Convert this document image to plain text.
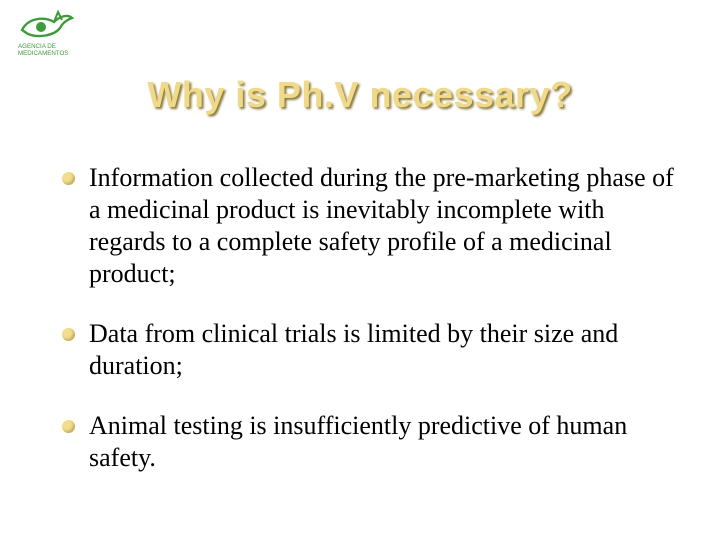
AGENCIA DE
MEDICAMENTOS
Why is Ph.V necessary?
Information collected during the pre-marketing phase of a medicinal product is inevitably incomplete with regards to a complete safety profile of a medicinal product;
Data from clinical trials is limited by their size and duration;
Animal testing is insufficiently predictive of human safety.
